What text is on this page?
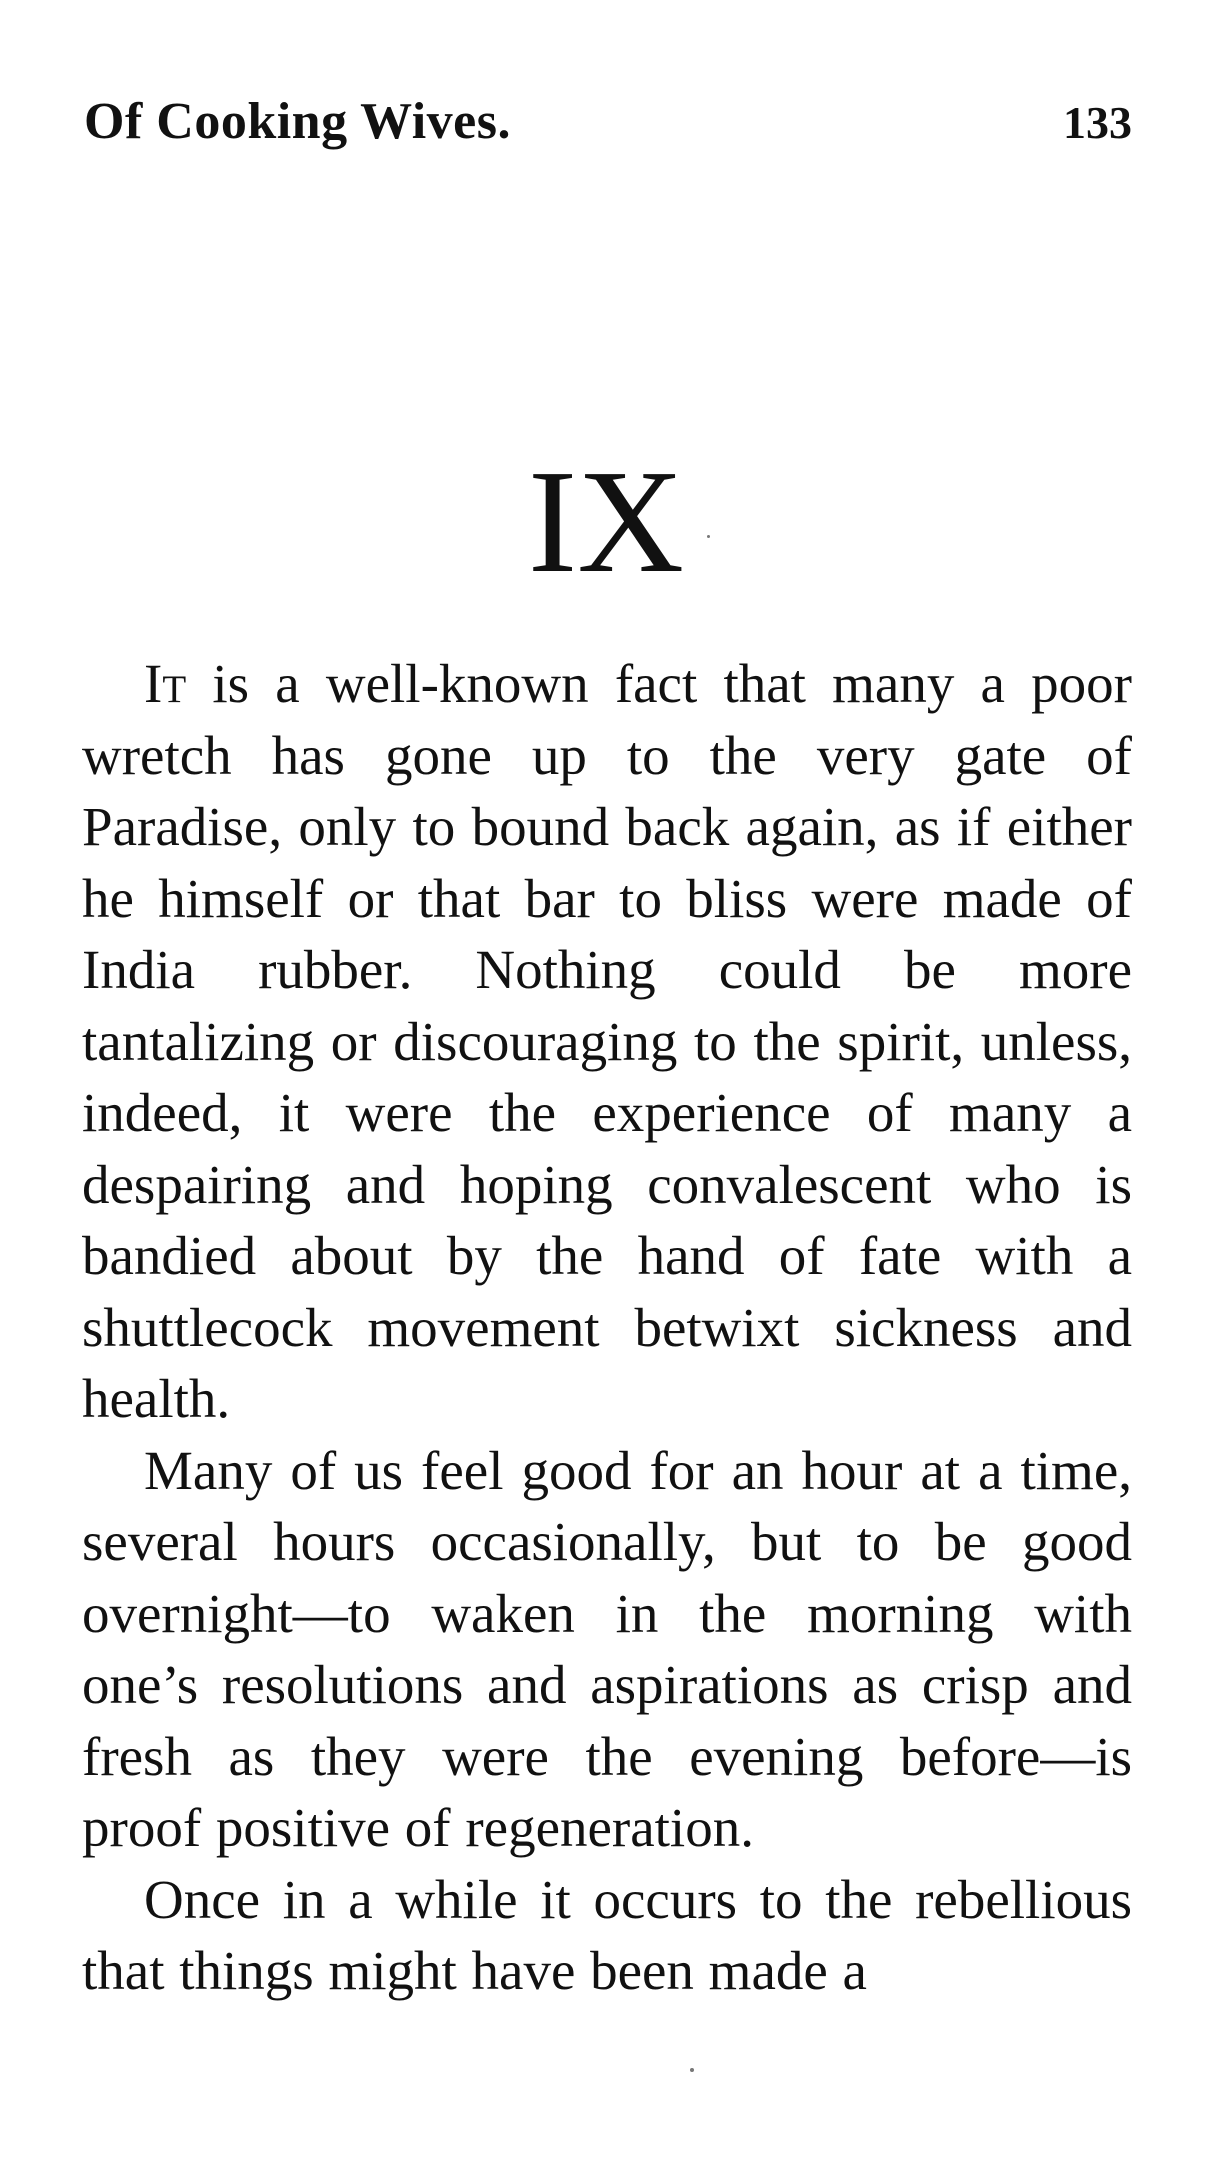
Of Cooking Wives.	133
IX

It is a well-known fact that many a poor wretch has gone up to the very gate of Paradise, only to bound back again, as if either he himself or that bar to bliss were made of India rubber. Nothing could be more tantalizing or discouraging to the spirit, unless, indeed, it were the experience of many a despairing and hoping convalescent who is bandied about by the hand of fate with a shuttlecock movement betwixt sickness and health.

Many of us feel good for an hour at a time, several hours occasionally, but to be good overnight—to waken in the morning with one’s resolutions and aspirations as crisp and fresh as they were the evening before—is proof positive of regeneration.

Once in a while it occurs to the rebellious that things might have been made a
